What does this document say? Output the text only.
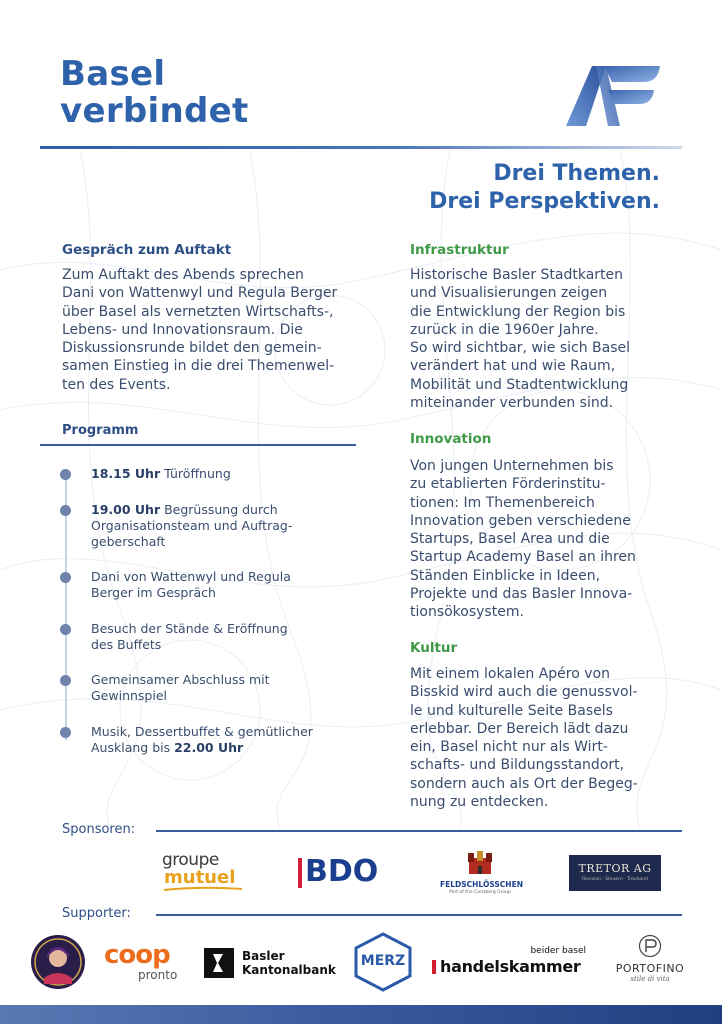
Basel
verbindet
Drei Themen.
Drei Perspektiven.
Gespräch zum Auftakt
Zum Auftakt des Abends sprechen
Dani von Wattenwyl und Regula Berger
über Basel als vernetzten Wirtschafts-,
Lebens- und Innovationsraum. Die
Diskussionsrunde bildet den gemein-
samen Einstieg in die drei Themenwel-
ten des Events.
Programm
18.15 Uhr Türöffnung
19.00 Uhr Begrüssung durch
Organisationsteam und Auftrag-
geberschaft
Dani von Wattenwyl und Regula
Berger im Gespräch
Besuch der Stände & Eröffnung
des Buffets
Gemeinsamer Abschluss mit
Gewinnspiel
Musik, Dessertbuffet & gemütlicher
Ausklang bis 22.00 Uhr
Infrastruktur
Historische Basler Stadtkarten
und Visualisierungen zeigen
die Entwicklung der Region bis
zurück in die 1960er Jahre.
So wird sichtbar, wie sich Basel
verändert hat und wie Raum,
Mobilität und Stadtentwicklung
miteinander verbunden sind.
Innovation
Von jungen Unternehmen bis
zu etablierten Förderinstitu-
tionen: Im Themenbereich
Innovation geben verschiedene
Startups, Basel Area und die
Startup Academy Basel an ihren
Ständen Einblicke in Ideen,
Projekte und das Basler Innova-
tionsökosystem.
Kultur
Mit einem lokalen Apéro von
Bisskid wird auch die genussvol-
le und kulturelle Seite Basels
erlebbar. Der Bereich lädt dazu
ein, Basel nicht nur als Wirt-
schafts- und Bildungsstandort,
sondern auch als Ort der Begeg-
nung zu entdecken.
Sponsoren:
groupe
mutuel	BDO	FELDSCHLÖSSCHEN
Part of the Carlsberg Group
TRETOR AG
Revision · Steuern · Treuhand
Supporter:
coop
pronto
Basler
Kantonalbank
MERZ
beider basel
handelskammer	PORTOFINO
stile di vita
